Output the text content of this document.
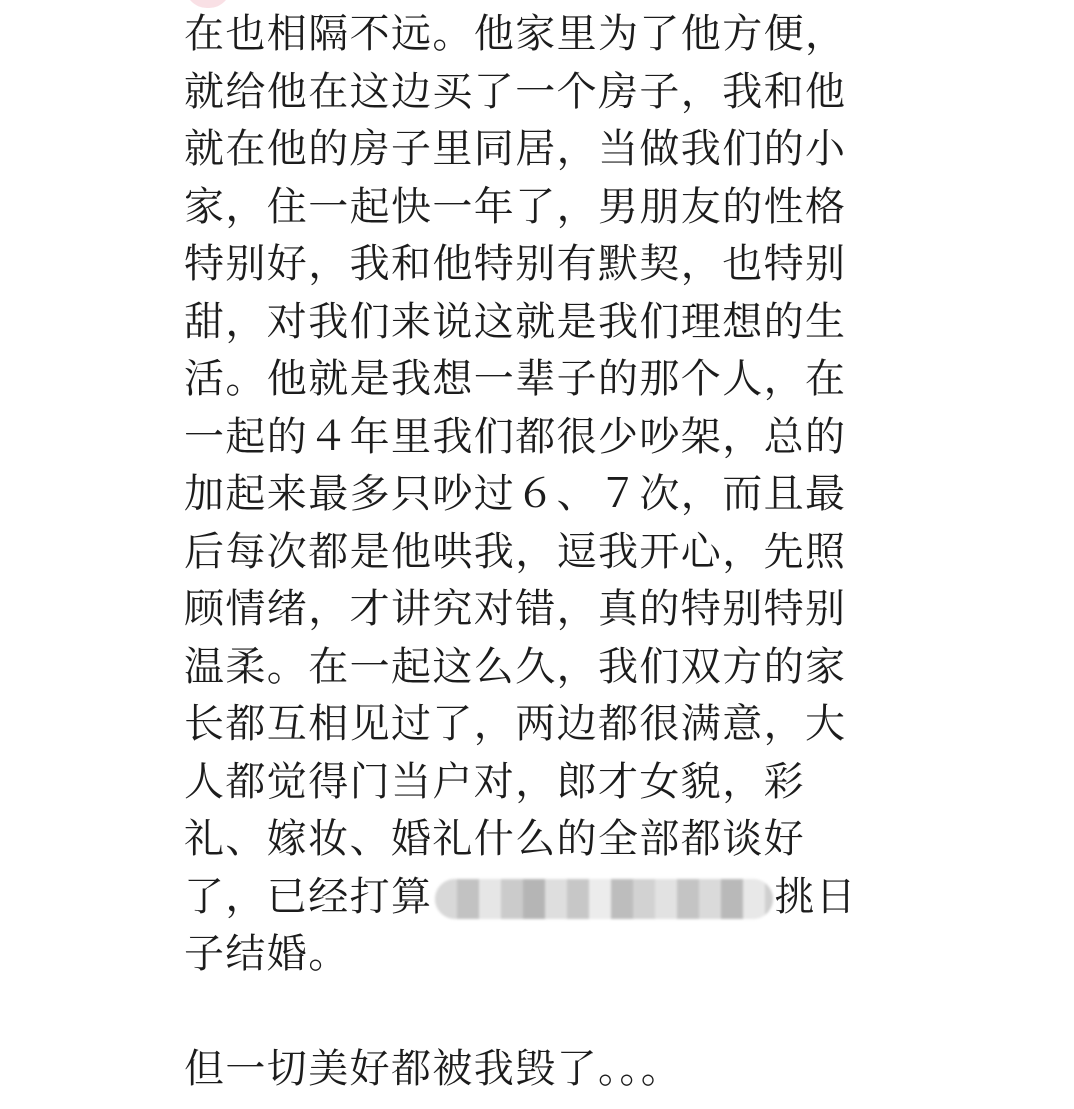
在也相隔不远。他家里为了他方便，
就给他在这边买了一个房子，我和他
就在他的房子里同居，当做我们的小
家，住一起快一年了，男朋友的性格
特别好，我和他特别有默契，也特别
甜，对我们来说这就是我们理想的生
活。他就是我想一辈子的那个人，在
一起的４年里我们都很少吵架，总的
加起来最多只吵过６、７次，而且最
后每次都是他哄我，逗我开心，先照
顾情绪，才讲究对错，真的特别特别
温柔。在一起这么久，我们双方的家
长都互相见过了，两边都很满意，大
人都觉得门当户对，郎才女貌，彩
礼、嫁妆、婚礼什么的全部都谈好
了，已经打算	挑日
子结婚。
但一切美好都被我毁了。。。
